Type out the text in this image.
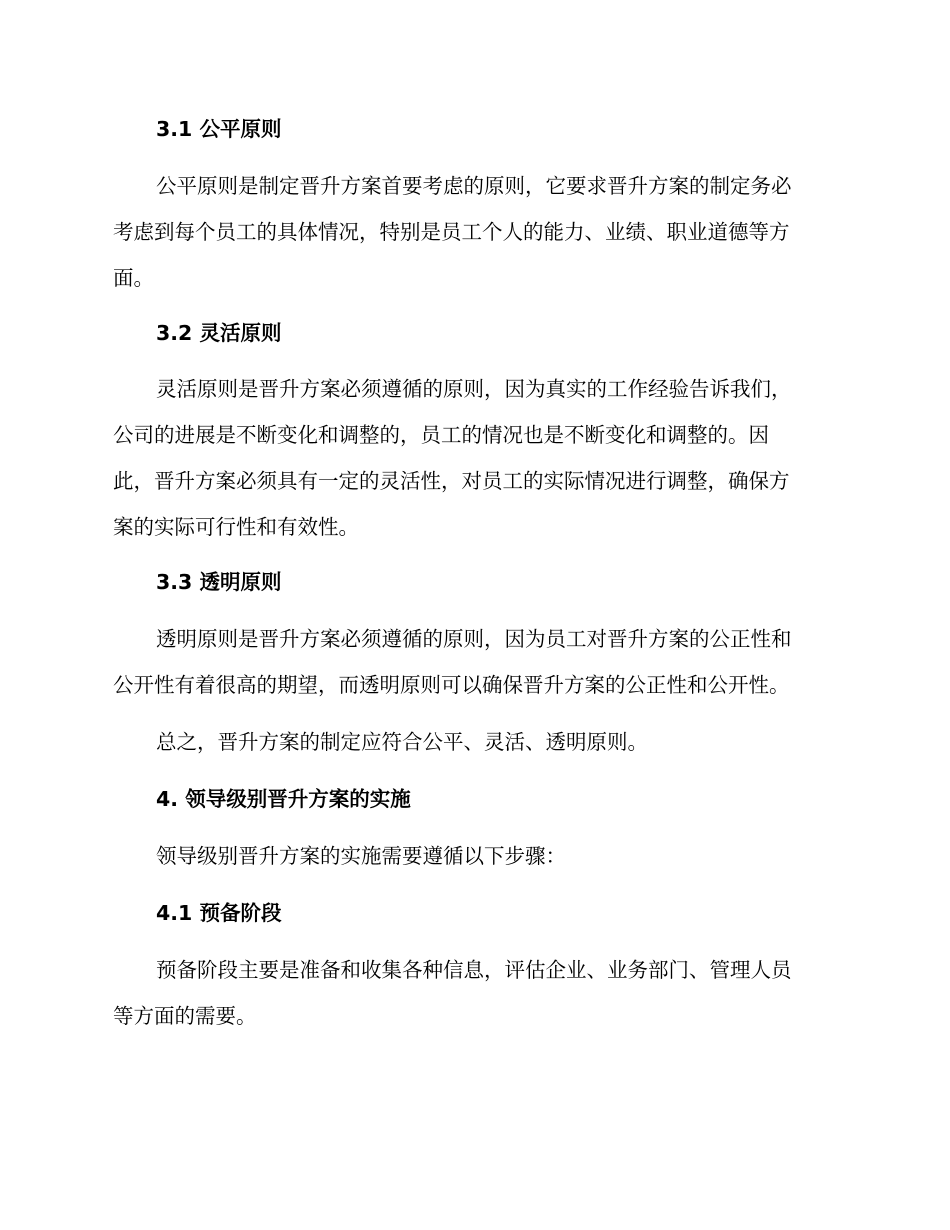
3.1 公平原则
公平原则是制定晋升方案首要考虑的原则，它要求晋升方案的制定务必
考虑到每个员工的具体情况，特别是员工个人的能力、业绩、职业道德等方
面。
3.2 灵活原则
灵活原则是晋升方案必须遵循的原则，因为真实的工作经验告诉我们，
公司的进展是不断变化和调整的，员工的情况也是不断变化和调整的。因
此，晋升方案必须具有一定的灵活性，对员工的实际情况进行调整，确保方
案的实际可行性和有效性。
3.3 透明原则
透明原则是晋升方案必须遵循的原则，因为员工对晋升方案的公正性和
公开性有着很高的期望，而透明原则可以确保晋升方案的公正性和公开性。
总之，晋升方案的制定应符合公平、灵活、透明原则。
4. 领导级别晋升方案的实施
领导级别晋升方案的实施需要遵循以下步骤：
4.1 预备阶段
预备阶段主要是准备和收集各种信息，评估企业、业务部门、管理人员
等方面的需要。
